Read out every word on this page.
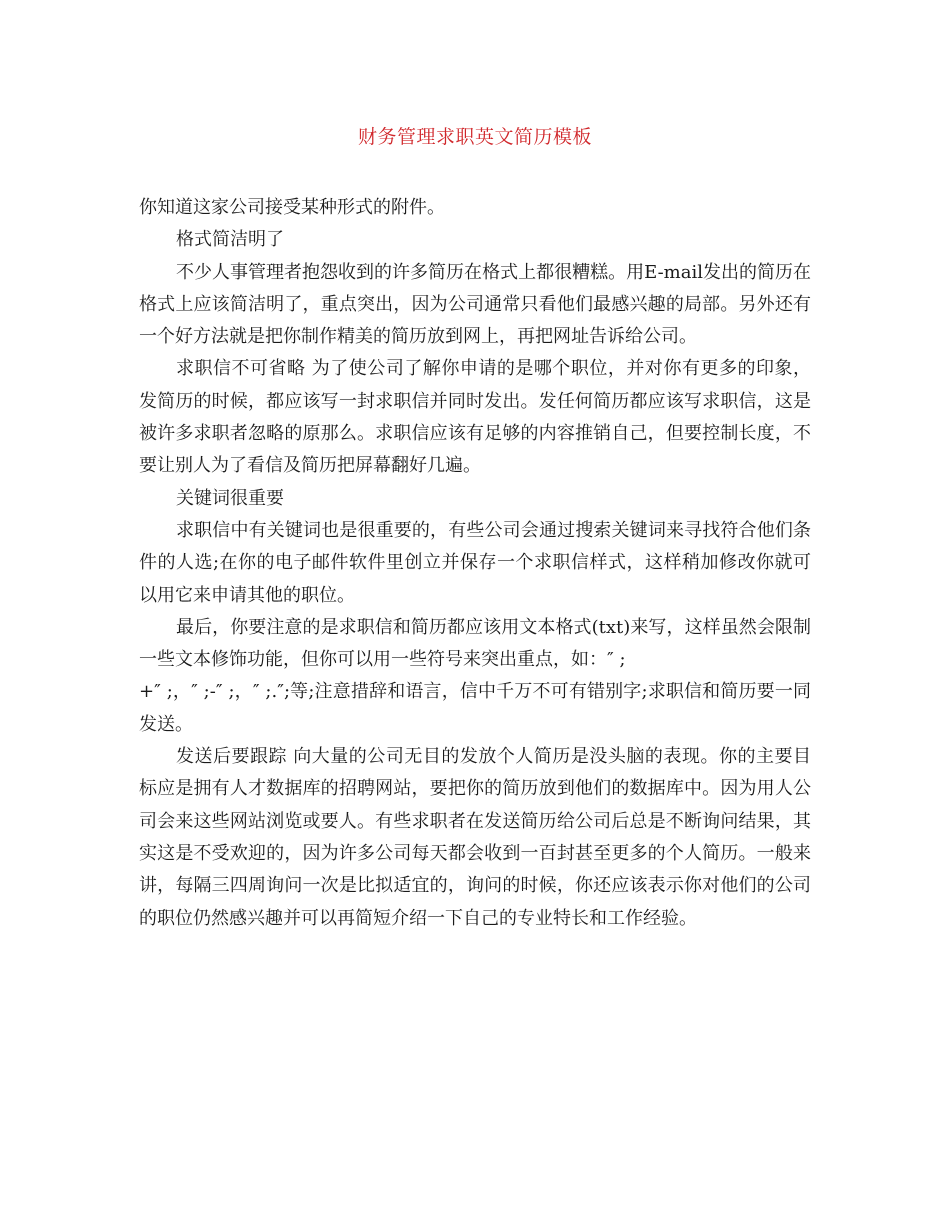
财务管理求职英文简历模板

你知道这家公司接受某种形式的附件。

格式简洁明了

不少人事管理者抱怨收到的许多简历在格式上都很糟糕。用E-mail发出的简历在格式上应该简洁明了，重点突出，因为公司通常只看他们最感兴趣的局部。另外还有一个好方法就是把你制作精美的简历放到网上，再把网址告诉给公司。

求职信不可省略 为了使公司了解你申请的是哪个职位，并对你有更多的印象，发简历的时候，都应该写一封求职信并同时发出。发任何简历都应该写求职信，这是被许多求职者忽略的原那么。求职信应该有足够的内容推销自己，但要控制长度，不要让别人为了看信及简历把屏幕翻好几遍。

关键词很重要

求职信中有关键词也是很重要的，有些公司会通过搜索关键词来寻找符合他们条件的人选;在你的电子邮件软件里创立并保存一个求职信样式，这样稍加修改你就可以用它来申请其他的职位。

最后，你要注意的是求职信和简历都应该用文本格式(txt)来写，这样虽然会限制一些文本修饰功能，但你可以用一些符号来突出重点，如：″ ;

+″ ;，″ ;-″ ;，″ ;.″;等;注意措辞和语言，信中千万不可有错别字;求职信和简历要一同发送。

发送后要跟踪 向大量的公司无目的发放个人简历是没头脑的表现。你的主要目标应是拥有人才数据库的招聘网站，要把你的简历放到他们的数据库中。因为用人公司会来这些网站浏览或要人。有些求职者在发送简历给公司后总是不断询问结果，其实这是不受欢迎的，因为许多公司每天都会收到一百封甚至更多的个人简历。一般来讲，每隔三四周询问一次是比拟适宜的，询问的时候，你还应该表示你对他们的公司的职位仍然感兴趣并可以再简短介绍一下自己的专业特长和工作经验。
